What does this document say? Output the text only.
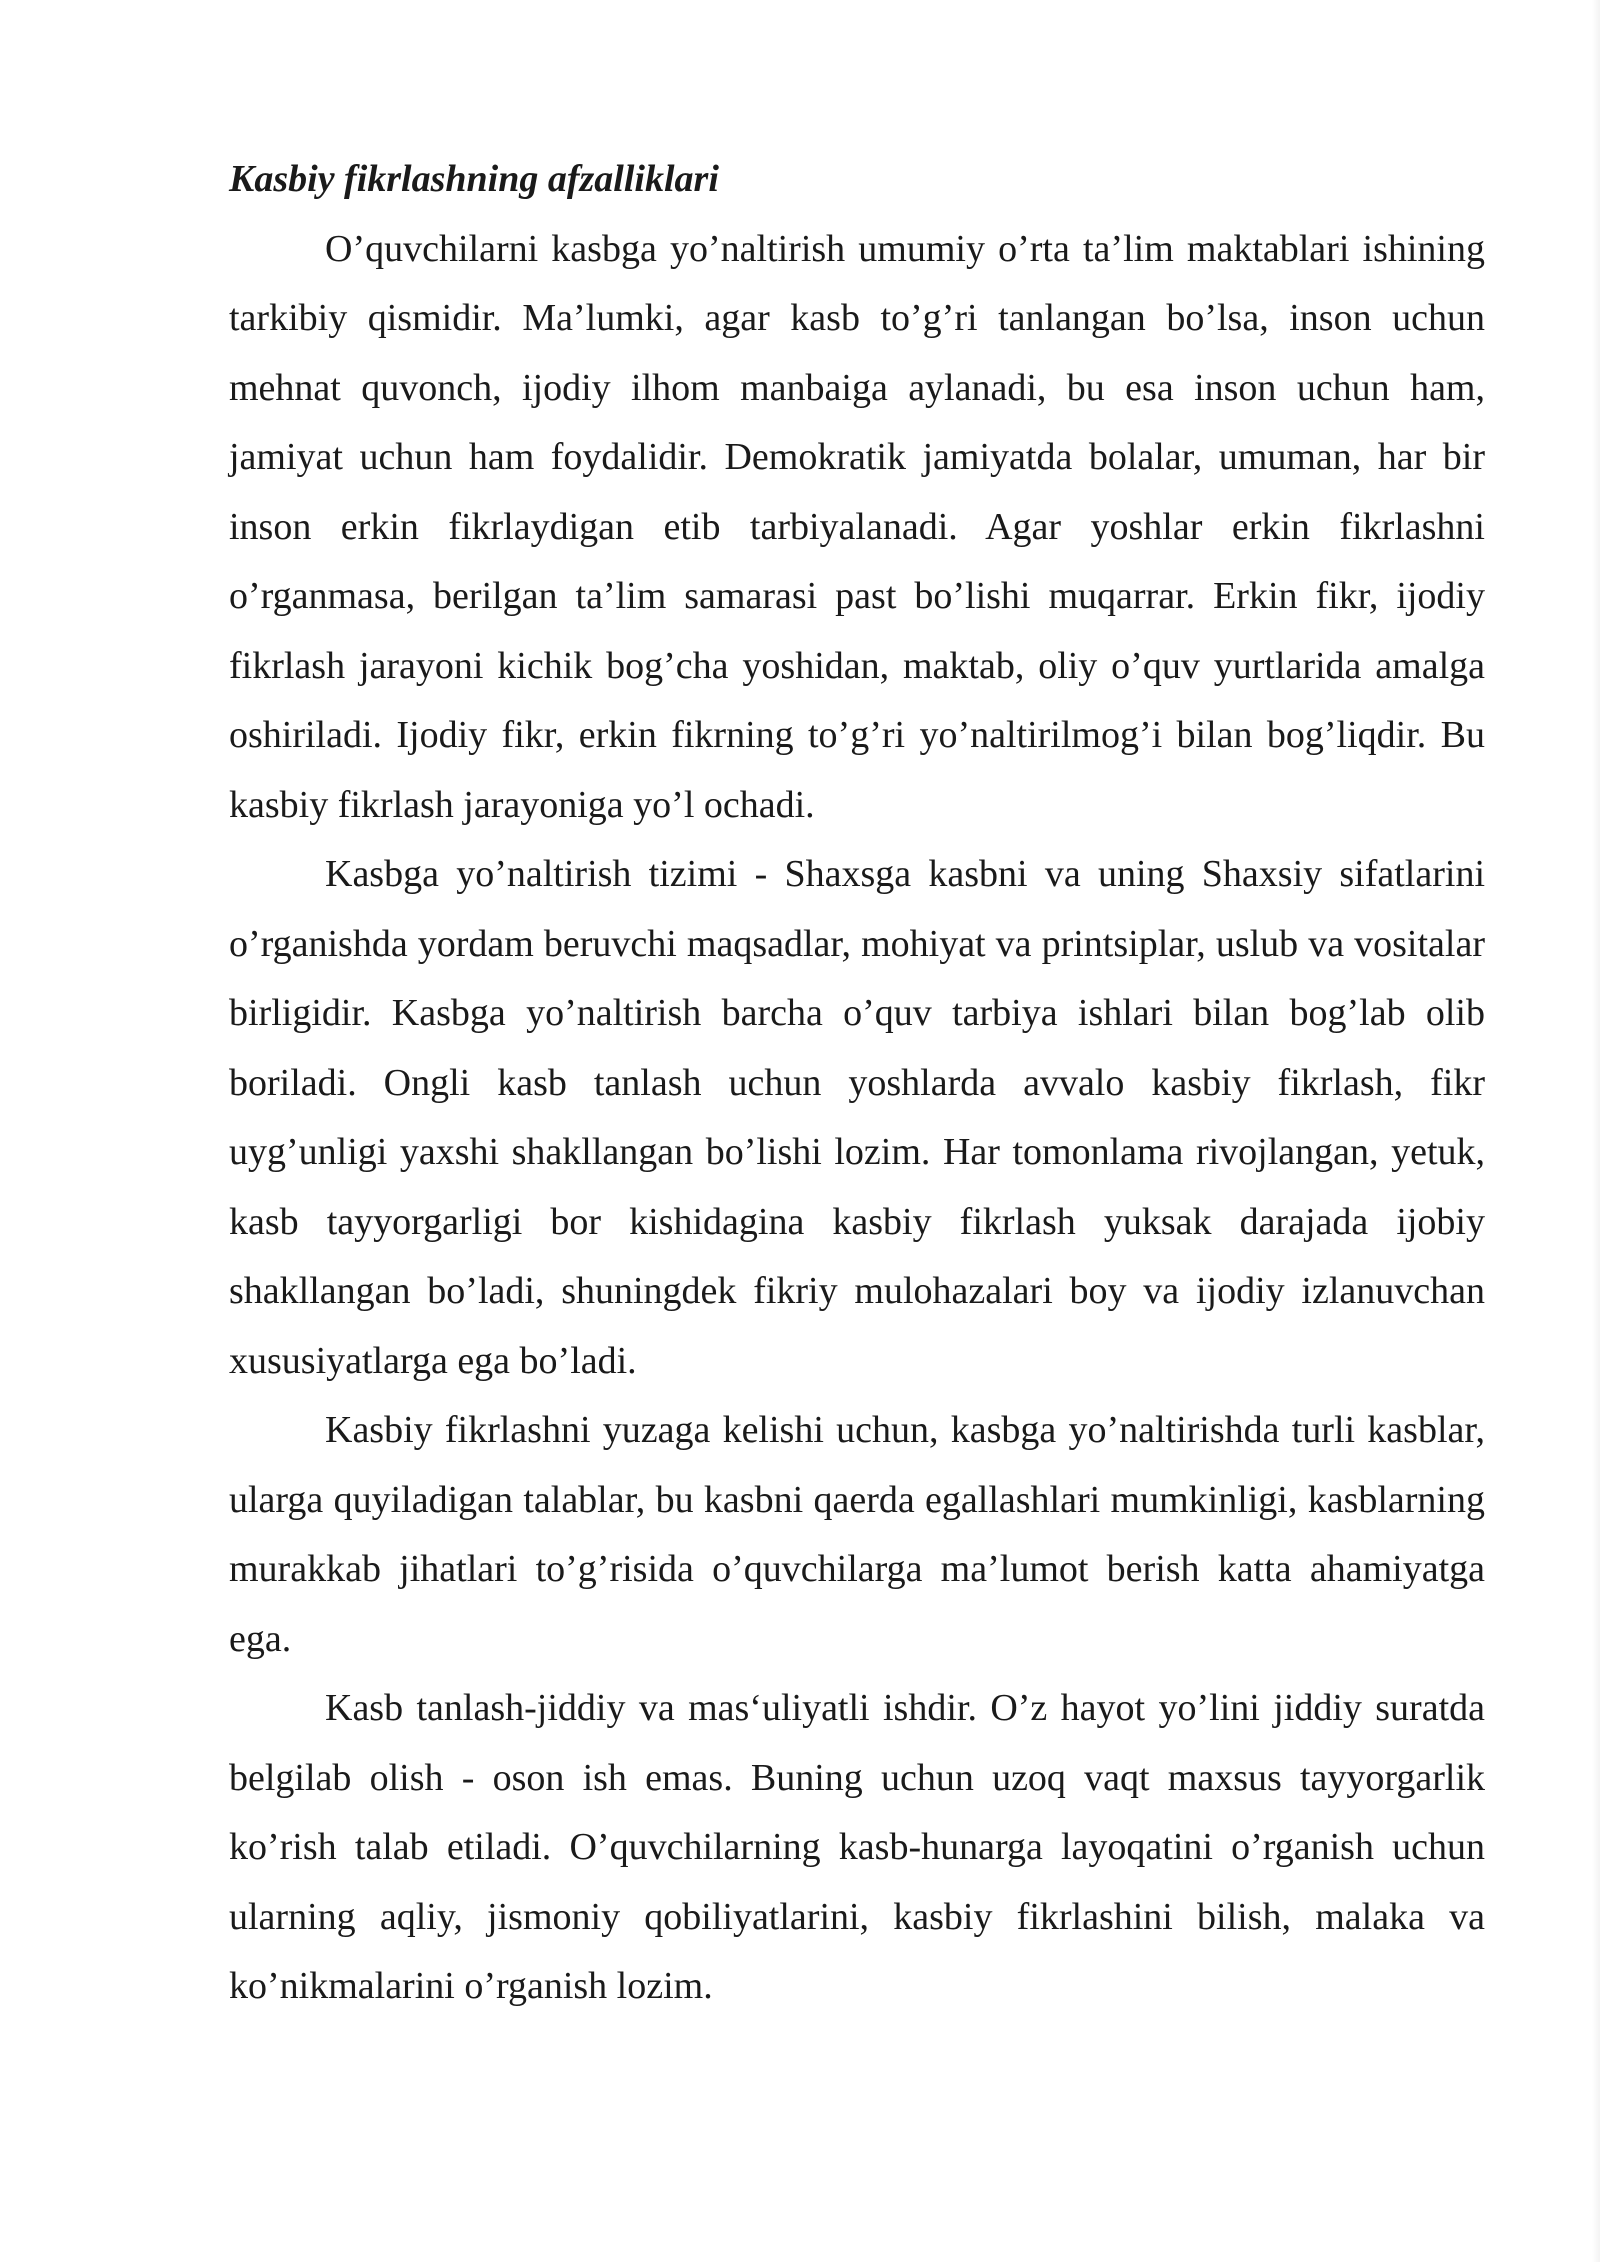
Kasbiy fikrlashning afzalliklari

O’quvchilarni kasbga yo’naltirish umumiy o’rta ta’lim maktablari ishining tarkibiy qismidir. Ma’lumki, agar kasb to’g’ri tanlangan bo’lsa, inson uchun mehnat quvonch, ijodiy ilhom manbaiga aylanadi, bu esa inson uchun ham, jamiyat uchun ham foydalidir. Demokratik jamiyatda bolalar, umuman, har bir inson erkin fikrlaydigan etib tarbiyalanadi. Agar yoshlar erkin fikrlashni o’rganmasa, berilgan ta’lim samarasi past bo’lishi muqarrar. Erkin fikr, ijodiy fikrlash jarayoni kichik bog’cha yoshidan, maktab, oliy o’quv yurtlarida amalga oshiriladi. Ijodiy fikr, erkin fikrning to’g’ri yo’naltirilmog’i bilan bog’liqdir. Bu kasbiy fikrlash jarayoniga yo’l ochadi.

Kasbga yo’naltirish tizimi - Shaxsga kasbni va uning Shaxsiy sifatlarini o’rganishda yordam beruvchi maqsadlar, mohiyat va printsiplar, uslub va vositalar birligidir. Kasbga yo’naltirish barcha o’quv tarbiya ishlari bilan bog’lab olib boriladi. Ongli kasb tanlash uchun yoshlarda avvalo kasbiy fikrlash, fikr uyg’unligi yaxshi shakllangan bo’lishi lozim. Har tomonlama rivojlangan, yetuk, kasb tayyorgarligi bor kishidagina kasbiy fikrlash yuksak darajada ijobiy shakllangan bo’ladi, shuningdek fikriy mulohazalari boy va ijodiy izlanuvchan xususiyatlarga ega bo’ladi.

Kasbiy fikrlashni yuzaga kelishi uchun, kasbga yo’naltirishda turli kasblar, ularga quyiladigan talablar, bu kasbni qaerda egallashlari mumkinligi, kasblarning murakkab jihatlari to’g’risida o’quvchilarga ma’lumot berish katta ahamiyatga ega.

Kasb tanlash-jiddiy va mas‘uliyatli ishdir. O’z hayot yo’lini jiddiy suratda belgilab olish - oson ish emas. Buning uchun uzoq vaqt maxsus tayyorgarlik ko’rish talab etiladi. O’quvchilarning kasb-hunarga layoqatini o’rganish uchun ularning aqliy, jismoniy qobiliyatlarini, kasbiy fikrlashini bilish, malaka va ko’nikmalarini o’rganish lozim.
